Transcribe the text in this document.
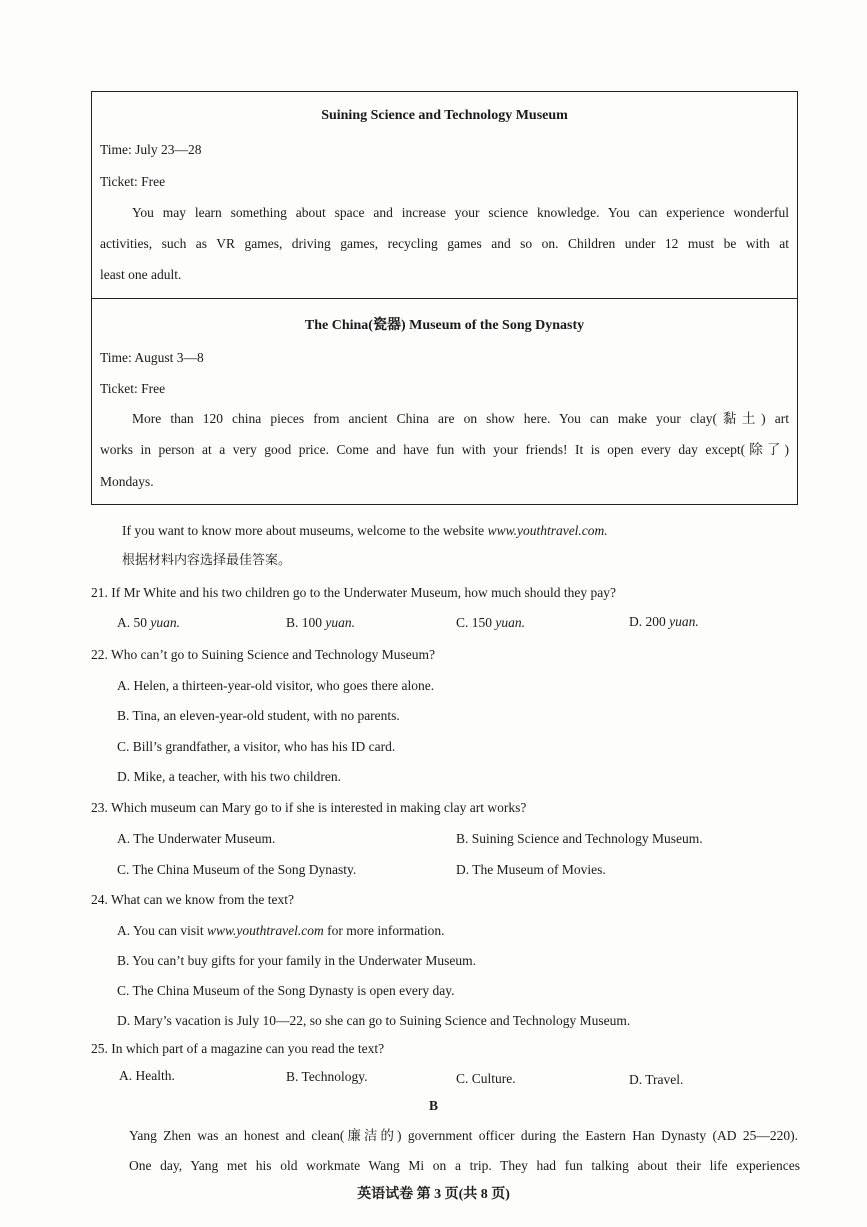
Suining Science and Technology Museum
Time: July 23—28
Ticket: Free
You may learn something about space and increase your science knowledge. You can experience wonderful
activities, such as VR games, driving games, recycling games and so on. Children under 12 must be with at
least one adult.
The China(瓷器) Museum of the Song Dynasty
Time: August 3—8
Ticket: Free
More than 120 china pieces from ancient China are on show here. You can make your clay(黏土) art
works in person at a very good price. Come and have fun with your friends! It is open every day except(除了)
Mondays.
If you want to know more about museums, welcome to the website www.youthtravel.com.
根据材料内容选择最佳答案。
21. If Mr White and his two children go to the Underwater Museum, how much should they pay?
A. 50 yuan.	B. 100 yuan.	C. 150 yuan.	D. 200 yuan.
22. Who can’t go to Suining Science and Technology Museum?
A. Helen, a thirteen-year-old visitor, who goes there alone.
B. Tina, an eleven-year-old student, with no parents.
C. Bill’s grandfather, a visitor, who has his ID card.
D. Mike, a teacher, with his two children.
23. Which museum can Mary go to if she is interested in making clay art works?
A. The Underwater Museum.	B. Suining Science and Technology Museum.
C. The China Museum of the Song Dynasty.	D. The Museum of Movies.
24. What can we know from the text?
A. You can visit www.youthtravel.com for more information.
B. You can’t buy gifts for your family in the Underwater Museum.
C. The China Museum of the Song Dynasty is open every day.
D. Mary’s vacation is July 10—22, so she can go to Suining Science and Technology Museum.
25. In which part of a magazine can you read the text?
A. Health.	B. Technology.	C. Culture.	D. Travel.
B
Yang Zhen was an honest and clean(廉洁的) government officer during the Eastern Han Dynasty (AD 25—220).
One day, Yang met his old workmate Wang Mi on a trip. They had fun talking about their life experiences
英语试卷 第 3 页(共 8 页)
